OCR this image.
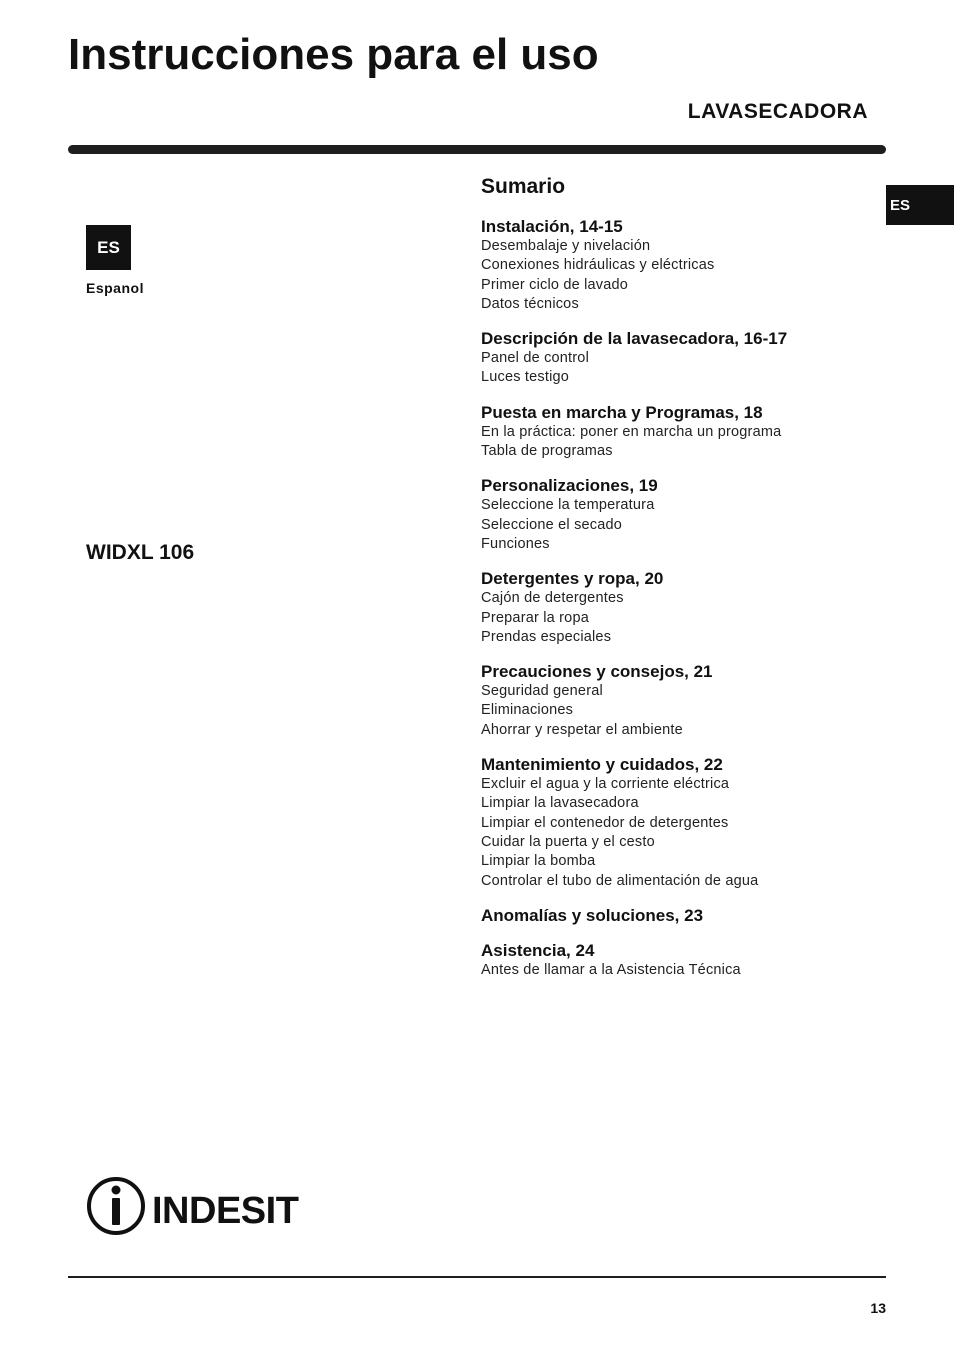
Instrucciones para el uso
LAVASECADORA
ES
Espanol
ES
WIDXL 106
Sumario
Instalación, 14-15
Desembalaje y nivelación
Conexiones hidráulicas y eléctricas
Primer ciclo de lavado
Datos técnicos
Descripción de la lavasecadora, 16-17
Panel de control
Luces testigo
Puesta en marcha y Programas, 18
En la práctica: poner en marcha un programa
Tabla de programas
Personalizaciones, 19
Seleccione la temperatura
Seleccione el secado
Funciones
Detergentes y ropa, 20
Cajón de detergentes
Preparar la ropa
Prendas especiales
Precauciones y consejos, 21
Seguridad general
Eliminaciones
Ahorrar y respetar el ambiente
Mantenimiento y cuidados, 22
Excluir el agua y la corriente eléctrica
Limpiar la lavasecadora
Limpiar el contenedor de detergentes
Cuidar la puerta y el cesto
Limpiar la bomba
Controlar el tubo de alimentación de agua
Anomalías y soluciones, 23
Asistencia, 24
Antes de llamar a la Asistencia Técnica
INDESIT
13
